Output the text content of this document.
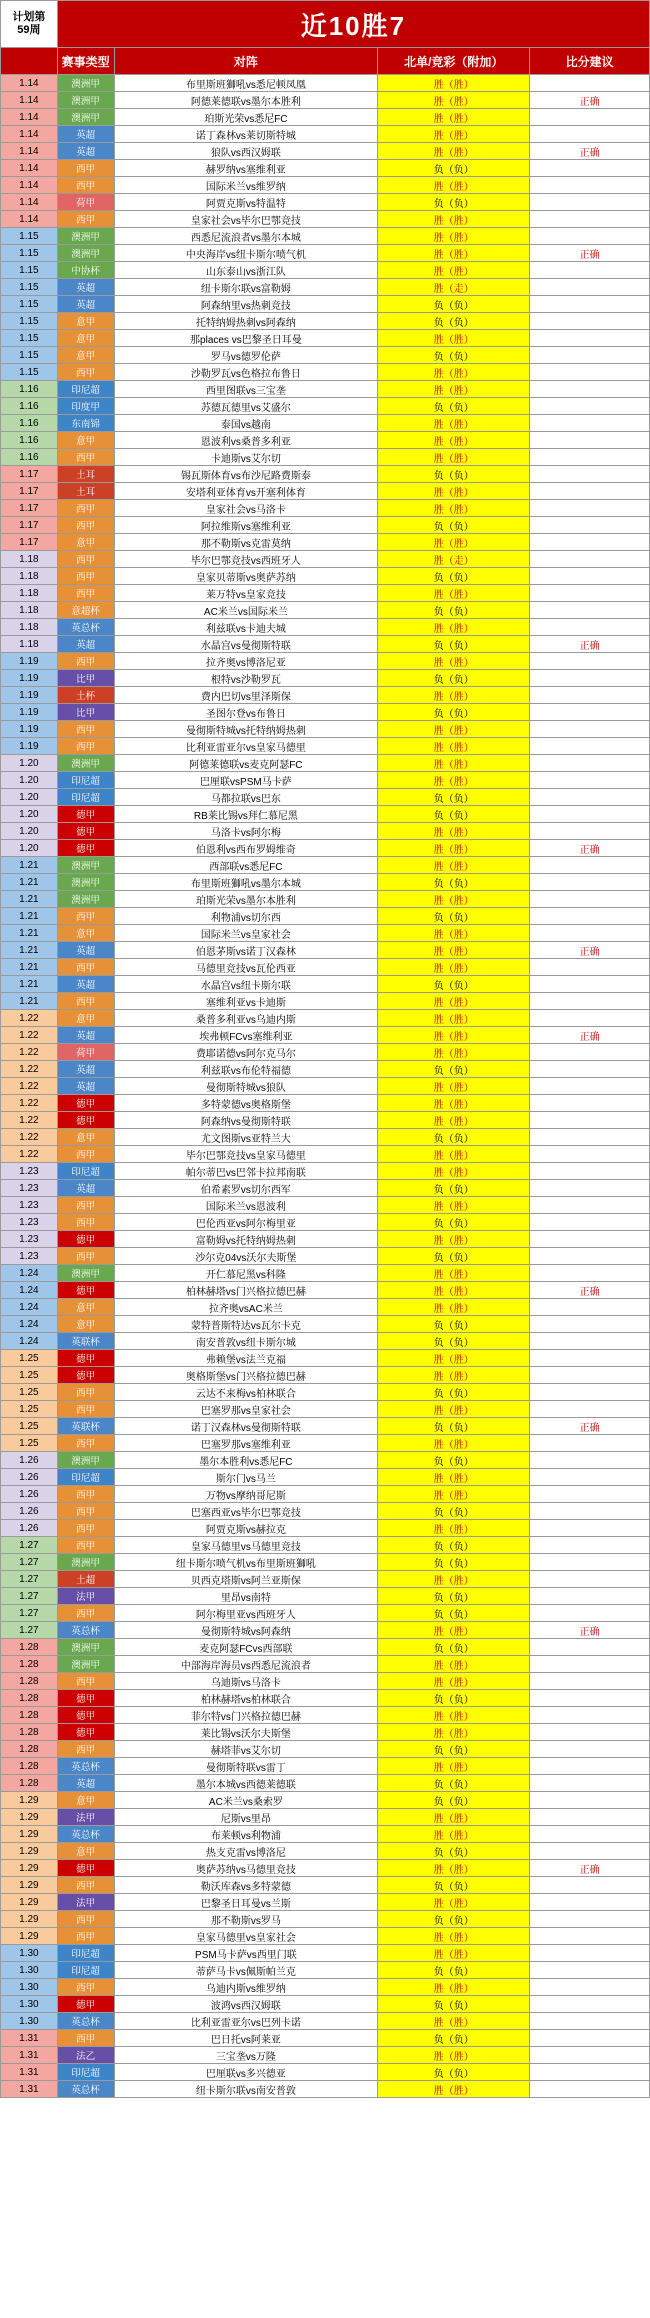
计划第
59周	近10胜7			
	赛事类型	对阵	北单/竞彩（附加）	比分建议
1.14	澳洲甲	布里斯班獅吼vs悉尼顿凤凰	胜（胜）	
1.14	澳洲甲	阿德莱德联vs墨尔本胜利	胜（胜）	正确
1.14	澳洲甲	珀斯光荣vs悉尼FC	胜（胜）	
1.14	英超	诺丁森林vs莱切斯特城	胜（胜）	
1.14	英超	狼队vs西汉姆联	胜（胜）	正确
1.14	西甲	赫罗纳vs塞维利亚	负（负）	
1.14	西甲	国际米兰vs维罗纳	胜（胜）	
1.14	荷甲	阿贾克斯vs特温特	负（负）	
1.14	西甲	皇家社会vs毕尔巴鄂竞技	胜（胜）	
1.15	澳洲甲	西悉尼流浪者vs墨尔本城	胜（胜）	
1.15	澳洲甲	中央海岸vs纽卡斯尔喷气机	胜（胜）	正确
1.15	中协杯	山东泰山vs浙江队	胜（胜）	
1.15	英超	纽卡斯尔联vs富勒姆	胜（走）	
1.15	英超	阿森纳里vs热刺竞技	负（负）	
1.15	意甲	托特纳姆热刺vs阿森纳	负（负）	
1.15	意甲	那places vs巴黎圣日耳曼	胜（胜）	
1.15	意甲	罗马vs德罗伦萨	负（负）	
1.15	西甲	沙勒罗瓦vs色格拉布鲁日	胜（胜）	
1.16	印尼超	西里图联vs三宝垄	胜（胜）	
1.16	印度甲	苏德瓦德里vs艾盛尔	负（负）	
1.16	东南锦	泰国vs越南	胜（胜）	
1.16	意甲	恩波利vs桑普多利亚	胜（胜）	
1.16	西甲	卡迪斯vs艾尔切	胜（胜）	
1.17	土耳	锡瓦斯体育vs布沙尼路费斯泰	负（负）	
1.17	土耳	安塔利亚体育vs开塞利体育	胜（胜）	
1.17	西甲	皇家社会vs马洛卡	胜（胜）	
1.17	西甲	阿拉维斯vs塞维利亚	负（负）	
1.17	意甲	那不勒斯vs克雷莫纳	胜（胜）	
1.18	西甲	毕尔巴鄂竞技vs西班牙人	胜（走）	
1.18	西甲	皇家贝蒂斯vs奥萨苏纳	负（负）	
1.18	西甲	莱万特vs皇家竞技	胜（胜）	
1.18	意超杯	AC米兰vs国际米兰	负（负）	
1.18	英总杯	利兹联vs卡迪夫城	胜（胜）	
1.18	英超	水晶宫vs曼彻斯特联	负（负）	正确
1.19	西甲	拉齐奥vs博洛尼亚	胜（胜）	
1.19	比甲	根特vs沙勒罗瓦	负（负）	
1.19	土杯	费内巴切vs里泽斯保	胜（胜）	
1.19	比甲	圣图尔登vs布鲁日	负（负）	
1.19	西甲	曼彻斯特城vs托特纳姆热刺	胜（胜）	
1.19	西甲	比利亚雷亚尔vs皇家马德里	胜（胜）	
1.20	澳洲甲	阿德莱德联vs麦克阿瑟FC	胜（胜）	
1.20	印尼超	巴厘联vsPSM马卡萨	胜（胜）	
1.20	印尼超	马都拉联vs巴东	负（负）	
1.20	德甲	RB莱比锡vs拜仁慕尼黑	负（负）	
1.20	德甲	马洛卡vs阿尔梅	胜（胜）	
1.20	德甲	伯恩利vs西布罗姆维奇	胜（胜）	正确
1.21	澳洲甲	西部联vs悉尼FC	胜（胜）	
1.21	澳洲甲	布里斯班獅吼vs墨尔本城	负（负）	
1.21	澳洲甲	珀斯光荣vs墨尔本胜利	胜（胜）	
1.21	西甲	利物浦vs切尔西	负（负）	
1.21	意甲	国际米兰vs皇家社会	胜（胜）	
1.21	英超	伯恩茅斯vs诺丁汉森林	胜（胜）	正确
1.21	西甲	马德里竞技vs瓦伦西亚	胜（胜）	
1.21	英超	水晶宫vs纽卡斯尔联	负（负）	
1.21	西甲	塞维利亚vs卡迪斯	胜（胜）	
1.22	意甲	桑普多利亚vs乌迪内斯	胜（胜）	
1.22	英超	埃弗顿FCvs塞维利亚	胜（胜）	正确
1.22	荷甲	费耶诺德vs阿尔克马尔	胜（胜）	
1.22	英超	利兹联vs布伦特福德	负（负）	
1.22	英超	曼彻斯特城vs狼队	胜（胜）	
1.22	德甲	多特蒙德vs奥格斯堡	胜（胜）	
1.22	德甲	阿森纳vs曼彻斯特联	胜（胜）	
1.22	意甲	尤文图斯vs亚特兰大	负（负）	
1.22	西甲	毕尔巴鄂竞技vs皇家马德里	胜（胜）	
1.23	印尼超	帕尔蒂巴vs巴邻卡拉邦南联	胜（胜）	
1.23	英超	伯希素罗vs切尔西军	负（负）	
1.23	西甲	国际米兰vs恩波利	胜（胜）	
1.23	西甲	巴伦西亚vs阿尔梅里亚	负（负）	
1.23	德甲	富勒姆vs托特纳姆热刺	胜（胜）	
1.23	西甲	沙尔克04vs沃尔夫斯堡	负（负）	
1.24	澳洲甲	开仁慕尼黑vs科隆	胜（胜）	
1.24	德甲	柏林赫塔vs门兴格拉德巴赫	胜（胜）	正确
1.24	意甲	拉齐奥vsAC米兰	胜（胜）	
1.24	意甲	蒙特普斯特达vs瓦尔卡克	负（负）	
1.24	英联杯	南安普敦vs纽卡斯尔城	负（负）	
1.25	德甲	弗赖堡vs法兰克福	胜（胜）	
1.25	德甲	奥格斯堡vs门兴格拉德巴赫	胜（胜）	
1.25	西甲	云达不来梅vs柏林联合	负（负）	
1.25	西甲	巴塞罗那vs皇家社会	胜（胜）	
1.25	英联杯	诺丁汉森林vs曼彻斯特联	负（负）	正确
1.25	西甲	巴塞罗那vs塞维利亚	胜（胜）	
1.26	澳洲甲	墨尔本胜利vs悉尼FC	负（负）	
1.26	印尼超	斯尔门vs马兰	胜（胜）	
1.26	西甲	万物vs摩纳哥尼斯	胜（胜）	
1.26	西甲	巴塞西亚vs毕尔巴鄂竞技	负（负）	
1.26	西甲	阿贾克斯vs赫拉克	胜（胜）	
1.27	西甲	皇家马德里vs马德里竞技	负（负）	
1.27	澳洲甲	纽卡斯尔喷气机vs布里斯班獅吼	负（负）	
1.27	土超	贝西克塔斯vs阿兰亚斯保	胜（胜）	
1.27	法甲	里昂vs南特	负（负）	
1.27	西甲	阿尔梅里亚vs西班牙人	负（负）	
1.27	英总杯	曼彻斯特城vs阿森纳	胜（胜）	正确
1.28	澳洲甲	麦克阿瑟FCvs西部联	负（负）	
1.28	澳洲甲	中部海岸海员vs西悉尼流浪者	胜（胜）	
1.28	西甲	乌迪斯vs马洛卡	胜（胜）	
1.28	德甲	柏林赫塔vs柏林联合	负（负）	
1.28	德甲	菲尔特vs门兴格拉德巴赫	胜（胜）	
1.28	德甲	莱比锡vs沃尔夫斯堡	胜（胜）	
1.28	西甲	赫塔菲vs艾尔切	负（负）	
1.28	英总杯	曼彻斯特联vs雷丁	胜（胜）	
1.28	英超	墨尔本城vs西德莱德联	负（负）	
1.29	意甲	AC米兰vs桑索罗	负（负）	
1.29	法甲	尼斯vs里昂	胜（胜）	
1.29	英总杯	布莱顿vs利物浦	胜（胜）	
1.29	意甲	热支克雷vs博洛尼	负（负）	
1.29	德甲	奥萨苏纳vs马德里竞技	胜（胜）	正确
1.29	西甲	勒沃库森vs多特蒙德	负（负）	
1.29	法甲	巴黎圣日耳曼vs兰斯	胜（胜）	
1.29	西甲	那不勒斯vs罗马	负（负）	
1.29	西甲	皇家马德里vs皇家社会	胜（胜）	
1.30	印尼超	PSM马卡萨vs西里门联	胜（胜）	
1.30	印尼超	蒂萨马卡vs佩斯帕兰克	负（负）	
1.30	西甲	乌迪内斯vs维罗纳	胜（胜）	
1.30	德甲	波鸿vs西汉姆联	负（负）	
1.30	英总杯	比利亚雷亚尔vs巴列卡诺	胜（胜）	
1.31	西甲	巴日托vs阿莱亚	负（负）	
1.31	法乙	三宝垄vs万隆	胜（胜）	
1.31	印尼超	巴厘联vs多兴德亚	负（负）	
1.31	英总杯	纽卡斯尔联vs南安普敦	胜（胜）	
